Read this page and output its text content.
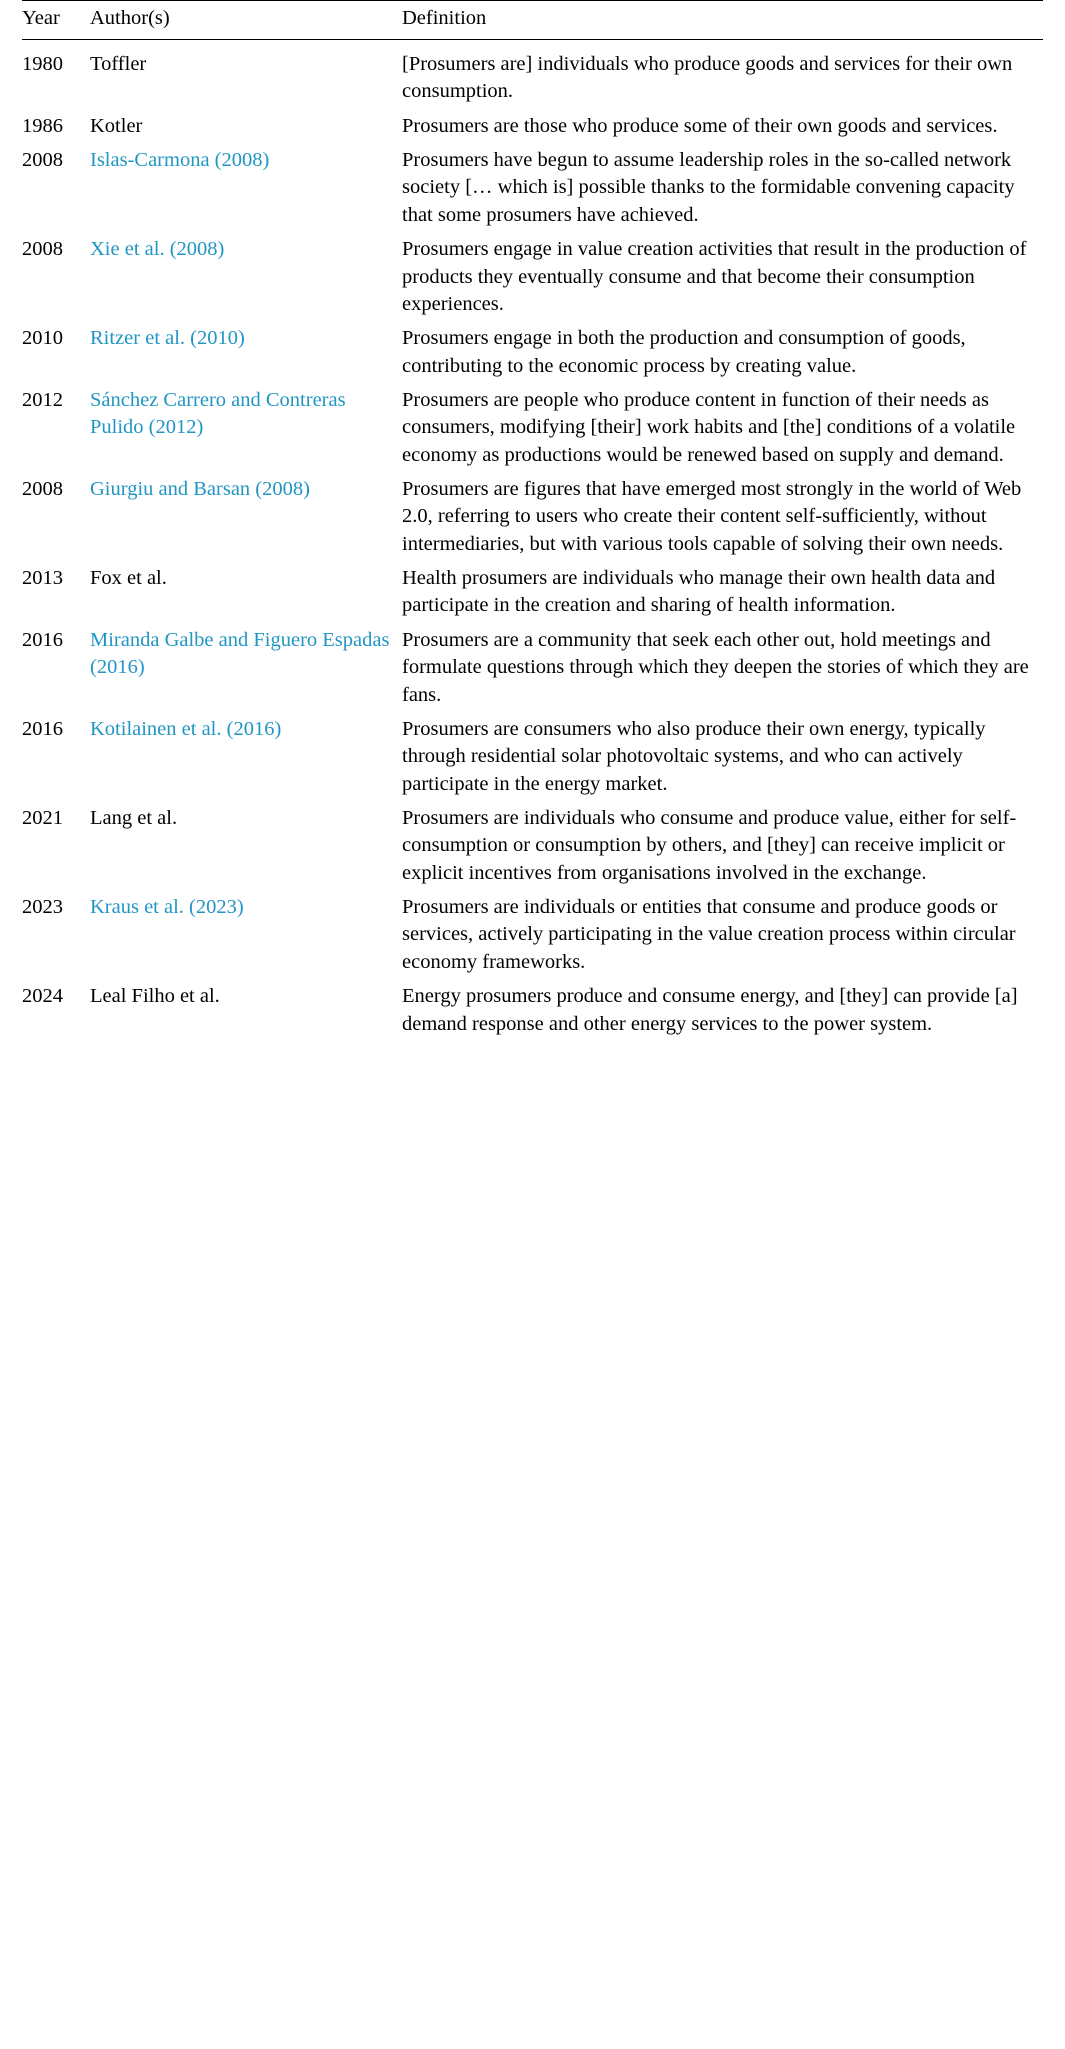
Year	Author(s)	Definition
1980	Toffler	[Prosumers are] individuals who produce goods and services for their own consumption.
1986	Kotler	Prosumers are those who produce some of their own goods and services.
2008	Islas-Carmona (2008)	Prosumers have begun to assume leadership roles in the so-called network society [… which is] possible thanks to the formidable convening capacity that some prosumers have achieved.
2008	Xie et al. (2008)	Prosumers engage in value creation activities that result in the production of products they eventually consume and that become their consumption experiences.
2010	Ritzer et al. (2010)	Prosumers engage in both the production and consumption of goods, contributing to the economic process by creating value.
2012	Sánchez Carrero and Contreras Pulido (2012)	Prosumers are people who produce content in function of their needs as consumers, modifying [their] work habits and [the] conditions of a volatile economy as productions would be renewed based on supply and demand.
2008	Giurgiu and Barsan (2008)	Prosumers are figures that have emerged most strongly in the world of Web 2.0, referring to users who create their content self-sufficiently, without intermediaries, but with various tools capable of solving their own needs.
2013	Fox et al.	Health prosumers are individuals who manage their own health data and participate in the creation and sharing of health information.
2016	Miranda Galbe and Figuero Espadas (2016)	Prosumers are a community that seek each other out, hold meetings and formulate questions through which they deepen the stories of which they are fans.
2016	Kotilainen et al. (2016)	Prosumers are consumers who also produce their own energy, typically through residential solar photovoltaic systems, and who can actively participate in the energy market.
2021	Lang et al.	Prosumers are individuals who consume and produce value, either for self-consumption or consumption by others, and [they] can receive implicit or explicit incentives from organisations involved in the exchange.
2023	Kraus et al. (2023)	Prosumers are individuals or entities that consume and produce goods or services, actively participating in the value creation process within circular economy frameworks.
2024	Leal Filho et al.	Energy prosumers produce and consume energy, and [they] can provide [a] demand response and other energy services to the power system.
